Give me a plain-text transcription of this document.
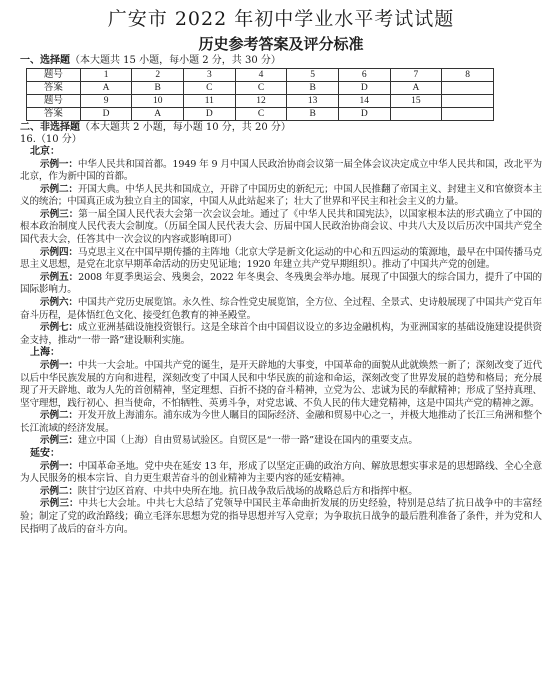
广安市 2022 年初中学业水平考试试题
历史参考答案及评分标准
一、选择题（本大题共 15 小题，每小题 2 分，共 30 分）
题号	1	2	3	4	5	6	7	8
答案	A	B	C	C	B	D	A	
题号	9	10	11	12	13	14	15	
答案	D	A	D	C	B	D		
二、非选择题（本大题共 2 小题，每小题 10 分，共 20 分）
16.（10 分）
北京：

示例一：中华人民共和国首都。1949 年 9 月中国人民政治协商会议第一届全体会议决定成立中华人民共和国，改北平为北京，作为新中国的首都。

示例二：开国大典。中华人民共和国成立，开辟了中国历史的新纪元；中国人民推翻了帝国主义、封建主义和官僚资本主义的统治；中国真正成为独立自主的国家，中国人从此站起来了；壮大了世界和平民主和社会主义的力量。

示例三：第一届全国人民代表大会第一次会议会址。通过了《中华人民共和国宪法》，以国家根本法的形式确立了中国的根本政治制度人民代表大会制度。（历届全国人民代表大会、历届中国人民政治协商会议、中共八大及以后历次中国共产党全国代表大会，任答其中一次会议的内容或影响即可）

示例四：马克思主义在中国早期传播的主阵地（北京大学是新文化运动的中心和五四运动的策源地，最早在中国传播马克思主义思想，是党在北京早期革命活动的历史见证地；1920 年建立共产党早期组织）。推动了中国共产党的创建。

示例五：2008 年夏季奥运会、残奥会，2022 年冬奥会、冬残奥会举办地。展现了中国强大的综合国力，提升了中国的国际影响力。

示例六：中国共产党历史展览馆。永久性、综合性党史展览馆，全方位、全过程、全景式、史诗般展现了中国共产党百年奋斗历程，是体悟红色文化、接受红色教育的神圣殿堂。

示例七：成立亚洲基础设施投资银行。这是全球首个由中国倡议设立的多边金融机构，为亚洲国家的基础设施建设提供资金支持，推动“一带一路”建设顺利实施。

上海：

示例一：中共一大会址。中国共产党的诞生，是开天辟地的大事变，中国革命的面貌从此就焕然一新了；深刻改变了近代以后中华民族发展的方向和进程，深刻改变了中国人民和中华民族的前途和命运，深刻改变了世界发展的趋势和格局；充分展现了开天辟地、敢为人先的首创精神，坚定理想、百折不挠的奋斗精神，立党为公、忠诚为民的奉献精神；形成了坚持真理、坚守理想，践行初心、担当使命，不怕牺牲、英勇斗争，对党忠诚、不负人民的伟大建党精神，这是中国共产党的精神之源。

示例二：开发开放上海浦东。浦东成为今世人瞩目的国际经济、金融和贸易中心之一，并极大地推动了长江三角洲和整个长江流域的经济发展。

示例三：建立中国（上海）自由贸易试验区。自贸区是“一带一路”建设在国内的重要支点。

延安：

示例一：中国革命圣地。党中央在延安 13 年，形成了以坚定正确的政治方向、解放思想实事求是的思想路线、全心全意为人民服务的根本宗旨、自力更生艰苦奋斗的创业精神为主要内容的延安精神。

示例二：陕甘宁边区首府、中共中央所在地。抗日战争敌后战场的战略总后方和指挥中枢。

示例三：中共七大会址。中共七大总结了党领导中国民主革命曲折发展的历史经验，特别是总结了抗日战争中的丰富经验；制定了党的政治路线；确立毛泽东思想为党的指导思想并写入党章；为争取抗日战争的最后胜利准备了条件，并为党和人民指明了战后的奋斗方向。
